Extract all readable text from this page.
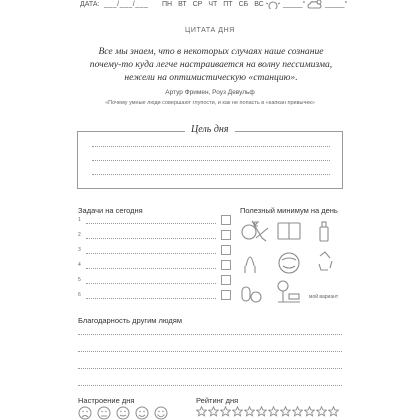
ДАТА: ___/___/___ ПН ВТ СР ЧТ ПТ СБ ВС	_____°	_____°
ЦИТАТА ДНЯ
Все мы знаем, что в некоторых случаях наше сознание почему-то куда легче настраивается на волну пессимизма, нежели на оптимистическую «станцию».
Артур Фримен, Роуз Девульф
«Почему умные люди совершают глупости, и как не попасть в «капкан привычек»
Цель дня
Задачи на сегодня
1
2
3
4
5
6
Полезный минимум на день
мой вариант
Благодарность другим людям
Настроение дня	Рейтинг дня
